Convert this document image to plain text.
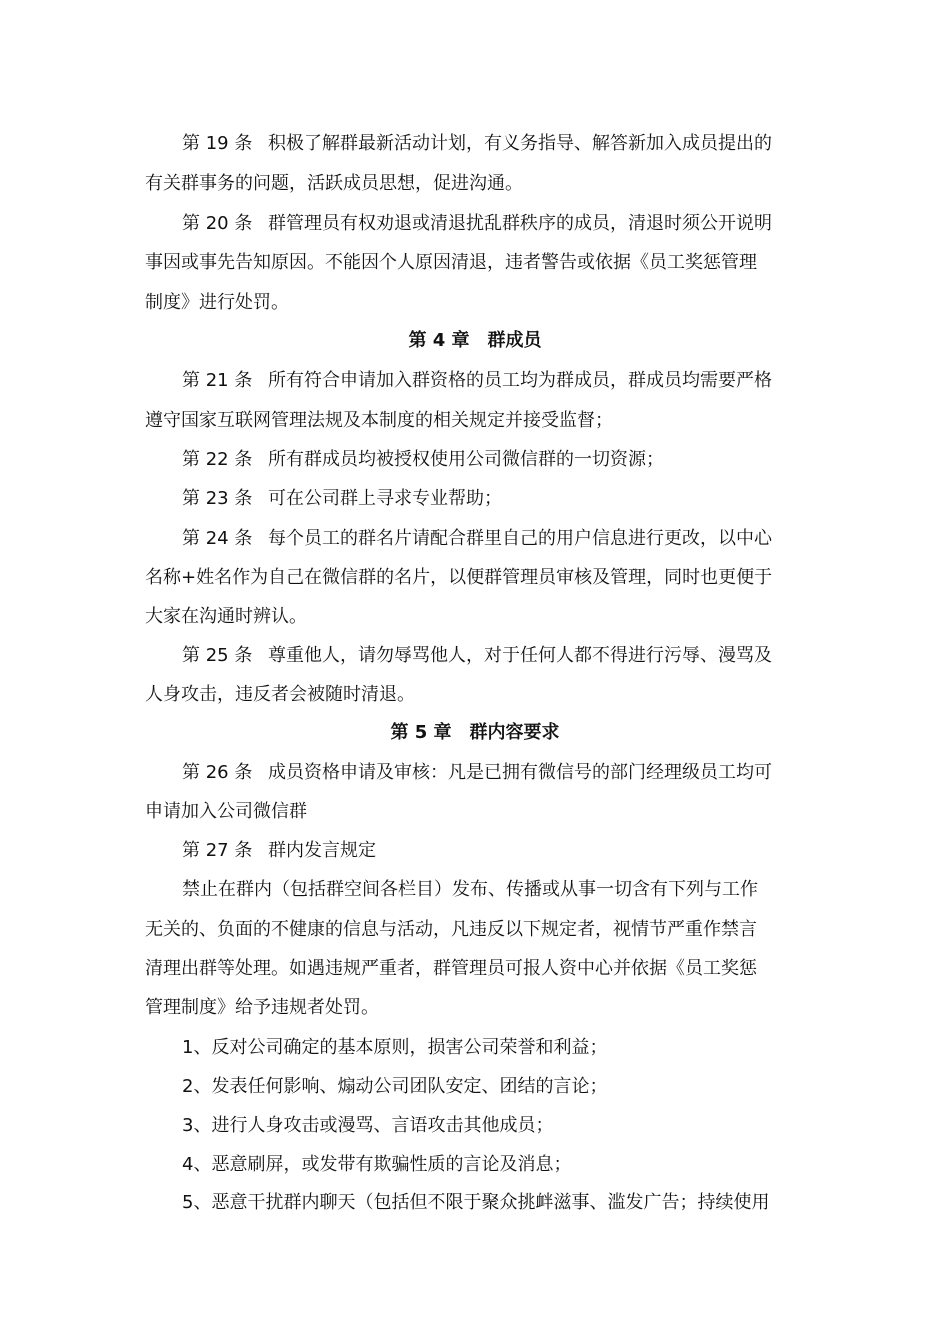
第 19 条 积极了解群最新活动计划，有义务指导、解答新加入成员提出的
有关群事务的问题，活跃成员思想，促进沟通。
第 20 条 群管理员有权劝退或清退扰乱群秩序的成员，清退时须公开说明
事因或事先告知原因。不能因个人原因清退，违者警告或依据《员工奖惩管理
制度》进行处罚。
第 4 章　群成员
第 21 条 所有符合申请加入群资格的员工均为群成员，群成员均需要严格
遵守国家互联网管理法规及本制度的相关规定并接受监督；
第 22 条 所有群成员均被授权使用公司微信群的一切资源；
第 23 条 可在公司群上寻求专业帮助；
第 24 条 每个员工的群名片请配合群里自己的用户信息进行更改，以中心
名称+姓名作为自己在微信群的名片，以便群管理员审核及管理，同时也更便于
大家在沟通时辨认。
第 25 条 尊重他人，请勿辱骂他人，对于任何人都不得进行污辱、漫骂及
人身攻击，违反者会被随时清退。
第 5 章　群内容要求
第 26 条 成员资格申请及审核：凡是已拥有微信号的部门经理级员工均可
申请加入公司微信群
第 27 条 群内发言规定
禁止在群内（包括群空间各栏目）发布、传播或从事一切含有下列与工作
无关的、负面的不健康的信息与活动，凡违反以下规定者，视情节严重作禁言
清理出群等处理。如遇违规严重者，群管理员可报人资中心并依据《员工奖惩
管理制度》给予违规者处罚。
1、反对公司确定的基本原则，损害公司荣誉和利益；
2、发表任何影响、煽动公司团队安定、团结的言论；
3、进行人身攻击或漫骂、言语攻击其他成员；
4、恶意刷屏，或发带有欺骗性质的言论及消息；
5、恶意干扰群内聊天（包括但不限于聚众挑衅滋事、滥发广告；持续使用
